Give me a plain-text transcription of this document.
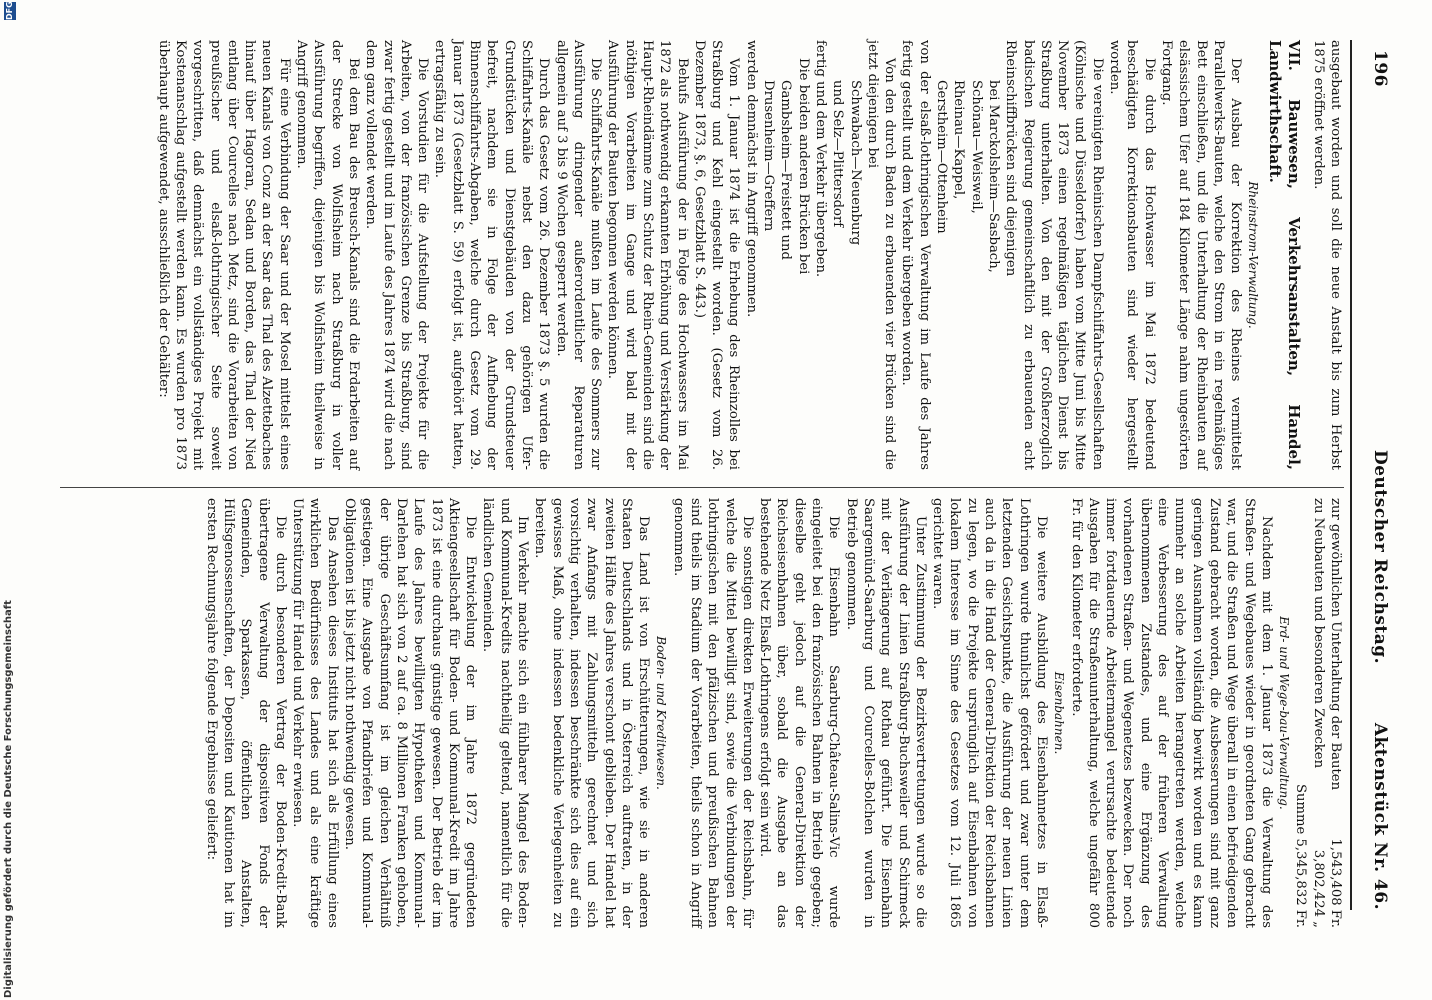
196
Deutscher Reichstag.
Aktenstück Nr. 46.

ausgebaut worden und soll die neue Anstalt bis zum Herbst 1875 eröffnet werden.

VII. Bauwesen, Verkehrsanstalten, Handel, Landwirthschaft.

Rheinstrom-Verwaltung.

Der Ausbau der Korrektion des Rheines vermittelst Parallelwerks-Bauten, welche den Strom in ein regelmäßiges Bett einschließen, und die Unterhaltung der Rheinbauten auf elsässischem Ufer auf 184 Kilometer Länge nahm ungestörten Fortgang.

Die durch das Hochwasser im Mai 1872 bedeutend beschädigten Korrektionsbauten sind wieder hergestellt worden.

Die vereinigten Rheinischen Dampfschiffahrts-Gesellschaften (Kölnische und Düsseldorfer) haben vom Mitte Juni bis Mitte November 1873 einen regelmäßigen täglichen Dienst bis Straßburg unterhalten. Von den mit der Großherzoglich badischen Regierung gemeinschaftlich zu erbauenden acht Rheinschiffbrücken sind diejenigen

bei Marckolsheim—Sasbach,

Schönau—Weisweil,

Rheinau—Kappel,

Gerstheim—Ottenheim

von der elsaß-lothringischen Verwaltung im Laufe des Jahres fertig gestellt und dem Verkehr übergeben worden.

Von den durch Baden zu erbauenden vier Brücken sind die jetzt diejenigen bei

Schwabach—Neuenburg

und Selz—Plittersdorf

fertig und dem Verkehr übergeben.

Die beiden anderen Brücken bei

Gambsheim—Freistett und

Drusenheim—Greffern

werden demnächst in Angriff genommen.

Vom 1. Januar 1874 ist die Erhebung des Rheinzolles bei Straßburg und Kehl eingestellt worden. (Gesetz vom 26. Dezember 1873, §. 6, Gesetzblatt S. 443.)

Behufs Ausführung der in Folge des Hochwassers im Mai 1872 als nothwendig erkannten Erhöhung und Verstärkung der Haupt-Rheindämme zum Schutz der Rhein-Gemeinden sind die nöthigen Vorarbeiten im Gange und wird bald mit der Ausführung der Bauten begonnen werden können.

Die Schiffahrts-Kanäle mußten im Laufe des Sommers zur Ausführung dringender außerordentlicher Reparaturen allgemein auf 3 bis 9 Wochen gesperrt werden.

Durch das Gesetz vom 26. Dezember 1873 §. 5 wurden die Schiffahrts-Kanäle nebst den dazu gehörigen Ufer-Grundstücken und Dienstgebäuden von der Grundsteuer befreit, nachdem sie in Folge der Aufhebung der Binnenschiffahrts-Abgaben, welche durch Gesetz vom 29. Januar 1873 (Gesetzblatt S. 59) erfolgt ist, aufgehört hatten, ertragsfähig zu sein.

Die Vorstudien für die Aufstellung der Projekte für die Arbeiten, von der französischen Grenze bis Straßburg, sind zwar fertig gestellt und im Laufe des Jahres 1874 wird die nach dem ganz vollendet werden.

Bei dem Bau des Breusch-Kanals sind die Erdarbeiten auf der Strecke von Wolfisheim nach Straßburg in voller Ausführung begriffen, diejenigen bis Wolfisheim theilweise in Angriff genommen.

Für eine Verbindung der Saar und der Mosel mittelst eines neuen Kanals von Conz an der Saar das Thal des Alzettebaches hinauf über Hagoran, Sedan und Borden, das Thal der Nied entlang über Courcelles nach Metz, sind die Vorarbeiten von preußischer und elsaß-lothringischer Seite soweit vorgeschritten, daß demnächst ein vollständiges Projekt mit Kostenanschlag aufgestellt werden kann. Es wurden pro 1873 überhaupt aufgewendet, ausschließlich der Gehälter:

zur gewöhnlichen Unterhaltung der Bauten
1,543,408 Fr.

zu Neubauten und besonderen Zwecken
3,802,424 „

Summe 5,345,832 Fr.

Erd- und Wege-bau-Verwaltung.

Nachdem mit dem 1. Januar 1873 die Verwaltung des Straßen- und Wegebaues wieder in geordneten Gang gebracht war, und die Straßen und Wege überall in einen befriedigenden Zustand gebracht worden, die Ausbesserungen sind mit ganz geringen Ausnahmen vollständig bewirkt worden und es kann nunmehr an solche Arbeiten herangetreten werden, welche eine Verbesserung des auf der früheren Verwaltung übernommenen Zustandes, und eine Ergänzung des vorhandenen Straßen- und Wegenetzes bezwecken. Der noch immer fortdauernde Arbeitermangel verursachte bedeutende Ausgaben für die Straßenunterhaltung, welche ungefähr 800 Fr. für den Kilometer erforderte.

Eisenbahnen.

Die weitere Ausbildung des Eisenbahnnetzes in Elsaß-Lothringen wurde thunlichst gefördert und zwar unter dem letztenden Gesichtspunkte, die Ausführung der neuen Linien auch da in die Hand der General-Direktion der Reichsbahnen zu legen, wo die Projekte ursprünglich auf Eisenbahnen von lokalem Interesse im Sinne des Gesetzes vom 12. Juli 1865 gerichtet waren.

Unter Zustimmung der Bezirksvertretungen wurde so die Ausführung der Linien Straßburg-Buchsweiler und Schirmeck mit der Verlängerung auf Rothau geführt. Die Eisenbahn Saargemünd-Saarburg und Courcelles-Bolchen wurden in Betrieb genommen.

Die Eisenbahn Saarburg-Château-Salins-Vic wurde eingeleitet bei den französischen Bahnen in Betrieb gegeben; dieselbe geht jedoch auf die General-Direktion der Reichseisenbahnen über, sobald die Ausgabe an das bestehende Netz Elsaß-Lothringens erfolgt sein wird.

Die sonstigen direkten Erweiterungen der Reichsbahn, für welche die Mittel bewilligt sind, sowie die Verbindungen der lothringischen mit den pfälzischen und preußischen Bahnen sind theils im Stadium der Vorarbeiten, theils schon in Angriff genommen.

Boden- und Kreditwesen.

Das Land ist von Erschütterungen, wie sie in anderen Staaten Deutschlands und in Österreich auftraten, in der zweiten Hälfte des Jahres verschont geblieben. Der Handel hat zwar Anfangs mit Zahlungsmitteln gerechnet und sich vorsichtig verhalten, indessen beschränkte sich dies auf ein gewisses Maß, ohne indessen bedenkliche Verlegenheiten zu bereiten.

Im Verkehr machte sich ein fühlbarer Mangel des Boden- und Kommunal-Kredits nachtheilig geltend, namentlich für die ländlichen Gemeinden.

Die Entwickelung der im Jahre 1872 gegründeten Aktiengesellschaft für Boden- und Kommunal-Kredit im Jahre 1873 ist eine durchaus günstige gewesen. Der Betrieb der im Laufe des Jahres bewilligten Hypotheken und Kommunal-Darlehen hat sich von 2 auf ca. 8 Millionen Franken gehoben, der übrige Geschäftsumfang ist im gleichen Verhältniß gestiegen. Eine Ausgabe von Pfandbriefen und Kommunal-Obligationen ist bis jetzt nicht nothwendig gewesen.

Das Ansehen dieses Instituts hat sich als Erfüllung eines wirklichen Bedürfnisses des Landes und als eine kräftige Unterstützung für Handel und Verkehr erwiesen.

Die durch besonderen Vertrag der Boden-Kredit-Bank übertragene Verwaltung der dispositiven Fonds der Gemeinden, Sparkassen, öffentlichen Anstalten, Hülfsgenossenschaften, der Depositen und Kautionen hat im ersten Rechnungsjahre folgende Ergebnisse geliefert:

Digitalisierung gefördert durch die Deutsche Forschungsgemeinschaft
DFG
